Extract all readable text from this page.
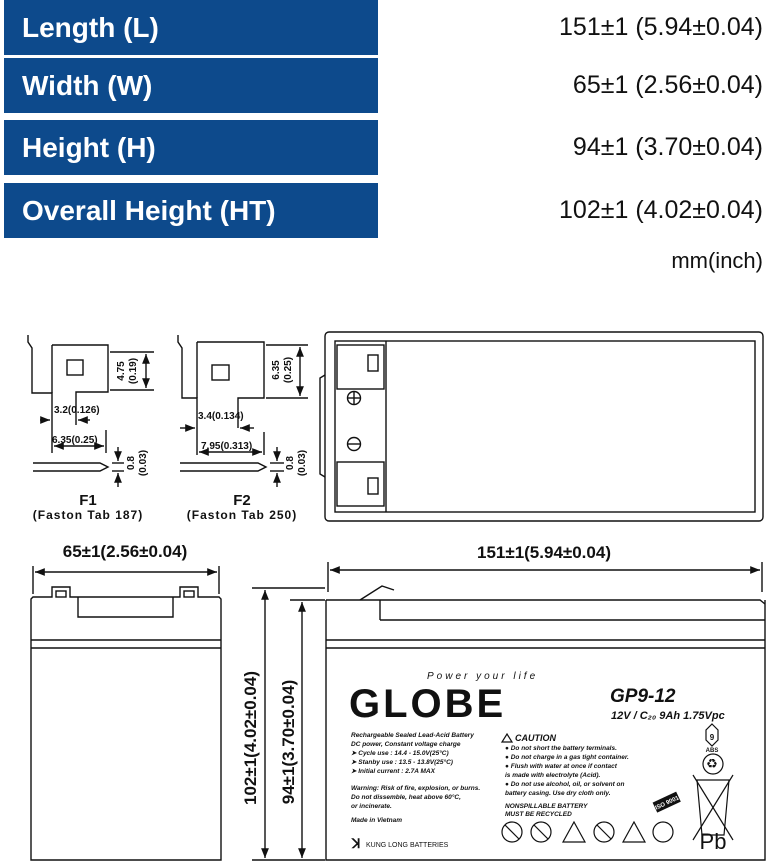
Length (L)	151±1 (5.94±0.04)
Width (W)	65±1 (2.56±0.04)
Height (H)	94±1 (3.70±0.04)
Overall Height (HT)	102±1 (4.02±0.04)
mm(inch)
4.75 (0.19)
3.2(0.126)
6.35(0.25)
0.8 (0.03)
F1
(Faston Tab 187)
6.35 (0.25)
3.4(0.134)
7.95(0.313)
0.8 (0.03)
F2
(Faston Tab 250)
65±1(2.56±0.04)	151±1(5.94±0.04)
102±1(4.02±0.04) 94±1(3.70±0.04)
Power your life
GLOBE	GP9-12
12V / C₂₀ 9Ah 1.75Vpc
Rechargeable Sealed Lead-Acid Battery
DC power, Constant voltage charge
➤ Cycle use : 14.4 - 15.0V(25°C)
➤ Stanby use : 13.5 - 13.8V(25°C)
➤ Initial current : 2.7A MAX
Warning: Risk of fire, explosion, or burns.
Do not dissemble, heat above 60°C,
or incinerate.
Made in Vietnam
ꓘ KUNG LONG BATTERIES
CAUTION
● Do not short the battery terminals.
● Do not charge in a gas tight container.
● Flush with water at once if contact
is made with electrolyte (Acid).
● Do not use alcohol, oil, or solvent on
battery casing. Use dry cloth only.
NONSPILLABLE BATTERY
MUST BE RECYCLED
9
ABS
♻
ISO 9001
Pb
